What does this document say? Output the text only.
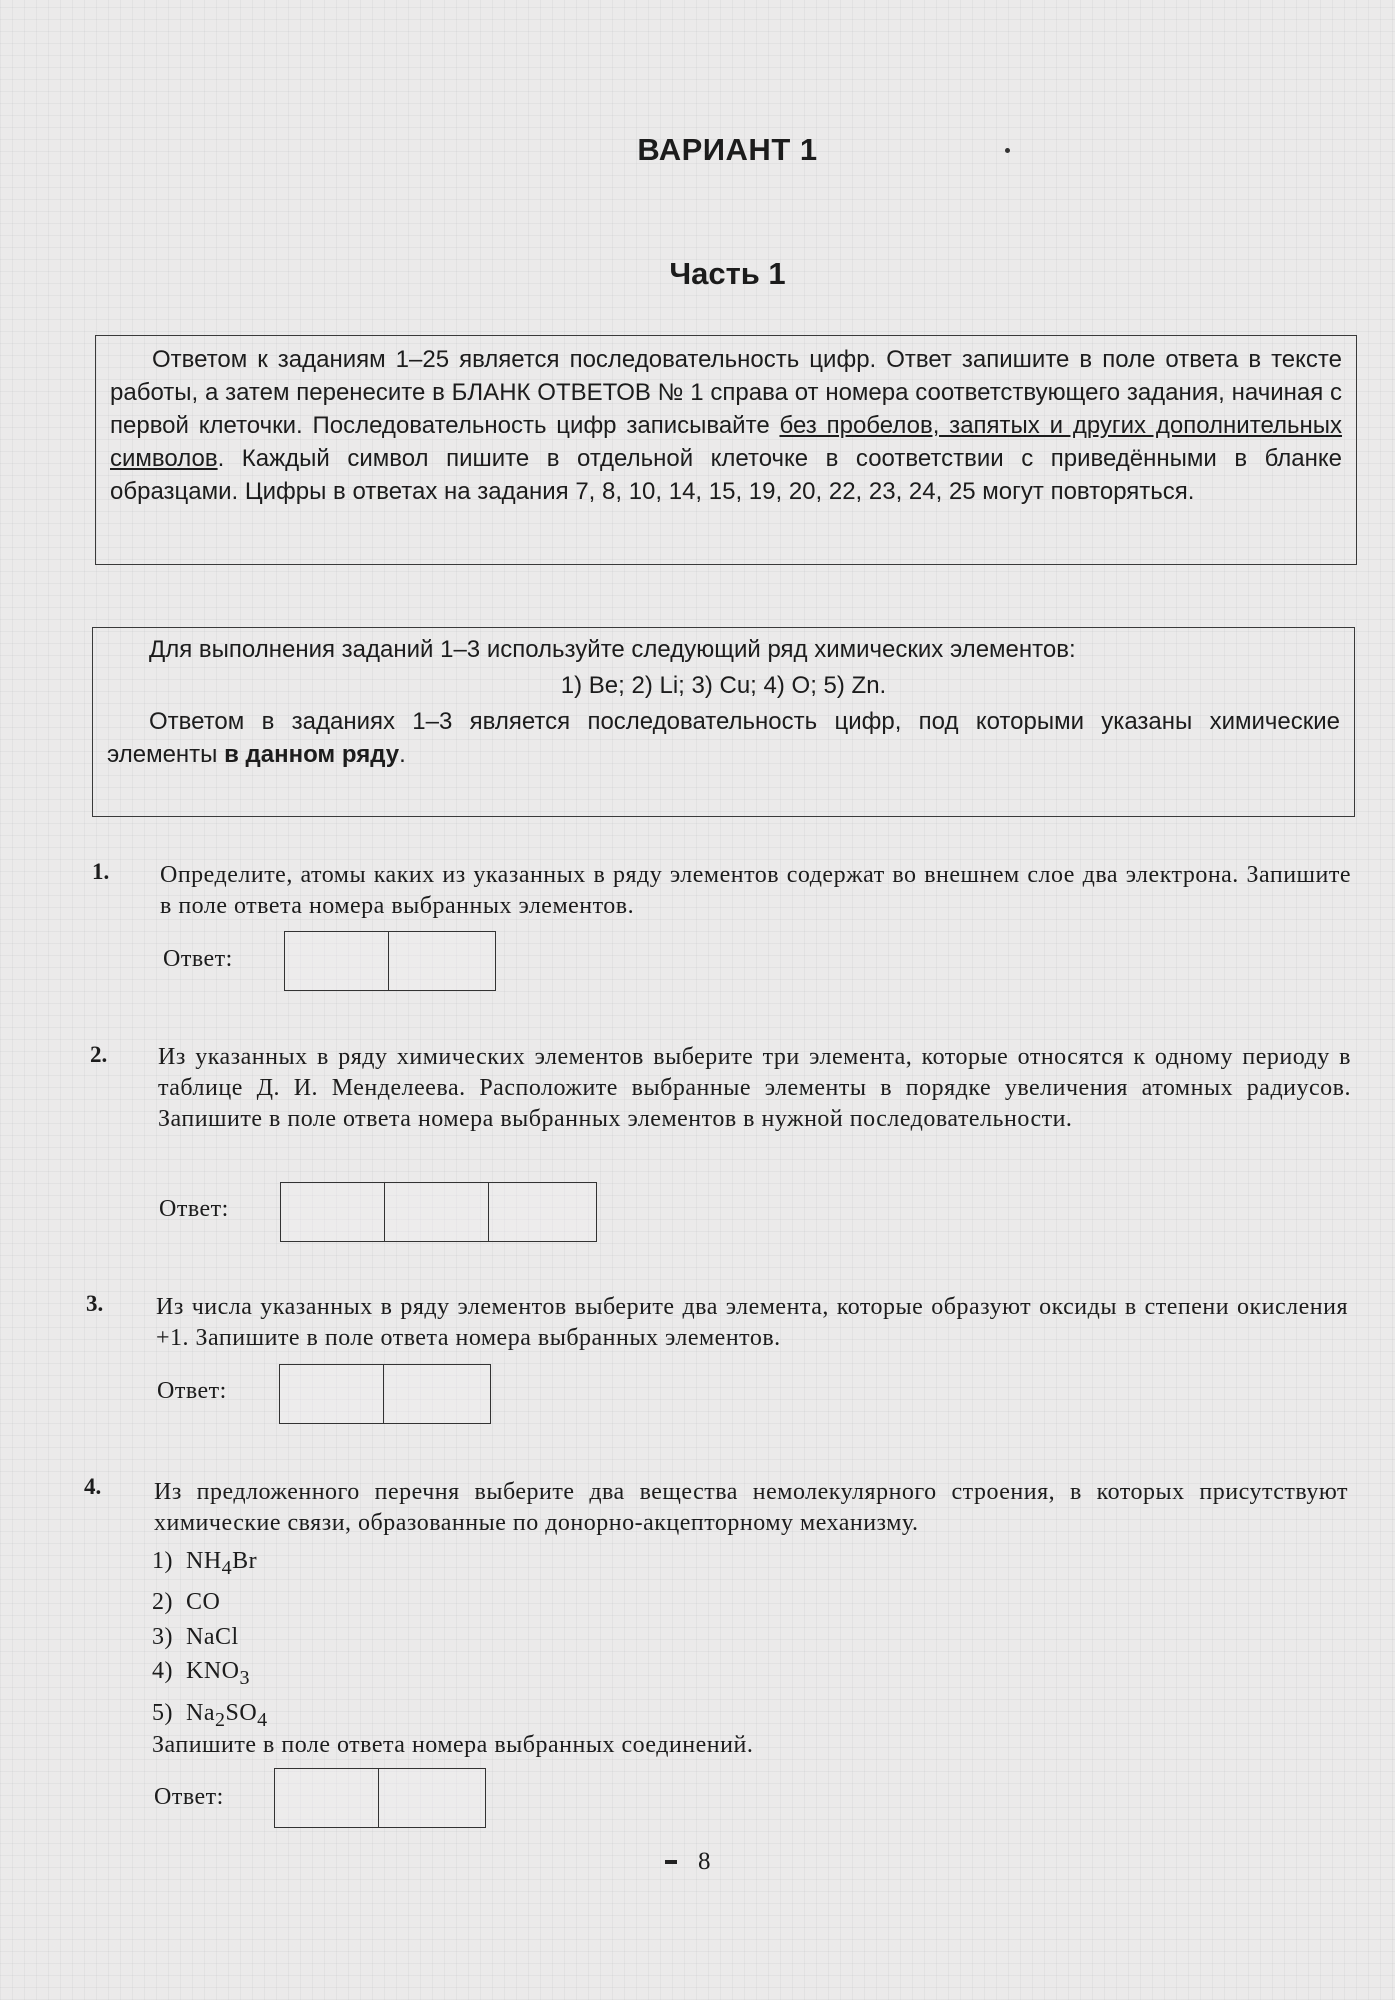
ВАРИАНТ 1
Часть 1

Ответом к заданиям 1–25 является последовательность цифр. Ответ запишите в поле ответа в тексте работы, а затем перенесите в БЛАНК ОТВЕТОВ № 1 справа от номера соответствующего задания, начиная с первой клеточки. Последовательность цифр записывайте без пробелов, запятых и других дополнительных символов. Каждый символ пишите в отдельной клеточке в соответствии с приведёнными в бланке образцами. Цифры в ответах на задания 7, 8, 10, 14, 15, 19, 20, 22, 23, 24, 25 могут повторяться.

Для выполнения заданий 1–3 используйте следующий ряд химических элементов:

1) Be; 2) Li; 3) Cu; 4) O; 5) Zn.

Ответом в заданиях 1–3 является последовательность цифр, под которыми указаны химические элементы в данном ряду.

1. Определите, атомы каких из указанных в ряду элементов содержат во внешнем слое два электрона. Запишите в поле ответа номера выбранных элементов.
Ответ:
2. Из указанных в ряду химических элементов выберите три элемента, которые относятся к одному периоду в таблице Д. И. Менделеева. Расположите выбранные элементы в порядке увеличения атомных радиусов. Запишите в поле ответа номера выбранных элементов в нужной последовательности.
Ответ:
3. Из числа указанных в ряду элементов выберите два элемента, которые образуют оксиды в степени окисления +1. Запишите в поле ответа номера выбранных элементов.
Ответ:
4. Из предложенного перечня выберите два вещества немолекулярного строения, в которых присутствуют химические связи, образованные по донорно-акцепторному механизму.
1) $NH_4Br$
2) CO
3) NaCl
4) $KNO_3$
5) $Na_2SO_4$
Запишите в поле ответа номера выбранных соединений.
Ответ:
8
